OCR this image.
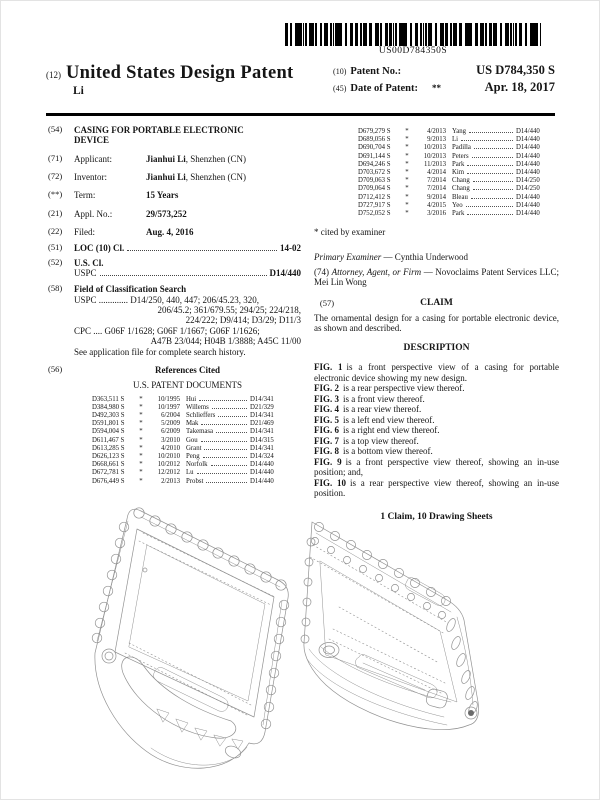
US00D784350S
(12) United States Design Patent
Li
(10) Patent No.:	US D784,350 S
(45) Date of Patent: **	Apr. 18, 2017
(54)	CASING FOR PORTABLE ELECTRONIC DEVICE
(71)	Applicant:	Jianhui Li, Shenzhen (CN)
(72)	Inventor:	Jianhui Li, Shenzhen (CN)
(**)	Term:	15 Years
(21)	Appl. No.:	29/573,252
(22)	Filed:	Aug. 4, 2016
(51)	LOC (10) Cl.	14-02
(52)	U.S. Cl.
USPC	D14/440
(58)	Field of Classification Search
USPC ............. D14/250, 440, 447; 206/45.23, 320,
206/45.2; 361/679.55; 294/25; 224/218,
224/222; D9/414; D3/29; D11/3
CPC .... G06F 1/1628; G06F 1/1667; G06F 1/1626;
A47B 23/044; H04B 1/3888; A45C 11/00
See application file for complete search history.
(56)	References Cited
U.S. PATENT DOCUMENTS
D363,511 S	*	10/1995 Hui	D14/341
D384,980 S	*	10/1997 Willems	D21/329
D492,303 S	*	6/2004 Schlieffers	D14/341
D591,801 S	*	5/2009 Mak	D21/469
D594,004 S	*	6/2009 Takemasa	D14/341
D611,467 S	*	3/2010 Gou	D14/315
D613,285 S	*	4/2010 Grant	D14/341
D626,123 S	*	10/2010 Peng	D14/324
D668,661 S	*	10/2012 Norfolk	D14/440
D672,781 S	*	12/2012 Lu	D14/440
D676,449 S	*	2/2013 Probst	D14/440
D679,279 S	*	4/2013 Yang	D14/440
D689,056 S	*	9/2013 Li	D14/440
D690,704 S	*	10/2013 Padilla	D14/440
D691,144 S	*	10/2013 Peters	D14/440
D694,246 S	*	11/2013 Park	D14/440
D703,672 S	*	4/2014 Kim	D14/440
D709,063 S	*	7/2014 Chang	D14/250
D709,064 S	*	7/2014 Chang	D14/250
D712,412 S	*	9/2014 Bleau	D14/440
D727,917 S	*	4/2015 Yeo	D14/440
D752,052 S	*	3/2016 Park	D14/440

* cited by examiner

Primary Examiner — Cynthia Underwood
(74) Attorney, Agent, or Firm — Novoclaims Patent Services LLC; Mei Lin Wong
(57)	CLAIM
The ornamental design for a casing for portable electronic device, as shown and described.
DESCRIPTION

FIG. 1 is a front perspective view of a casing for portable electronic device showing my new design.

FIG. 2 is a rear perspective view thereof.

FIG. 3 is a front view thereof.

FIG. 4 is a rear view thereof.

FIG. 5 is a left end view thereof.

FIG. 6 is a right end view thereof.

FIG. 7 is a top view thereof.

FIG. 8 is a bottom view thereof.

FIG. 9 is a front perspective view thereof, showing an in-use position; and,

FIG. 10 is a rear perspective view thereof, showing an in-use position.

1 Claim, 10 Drawing Sheets
